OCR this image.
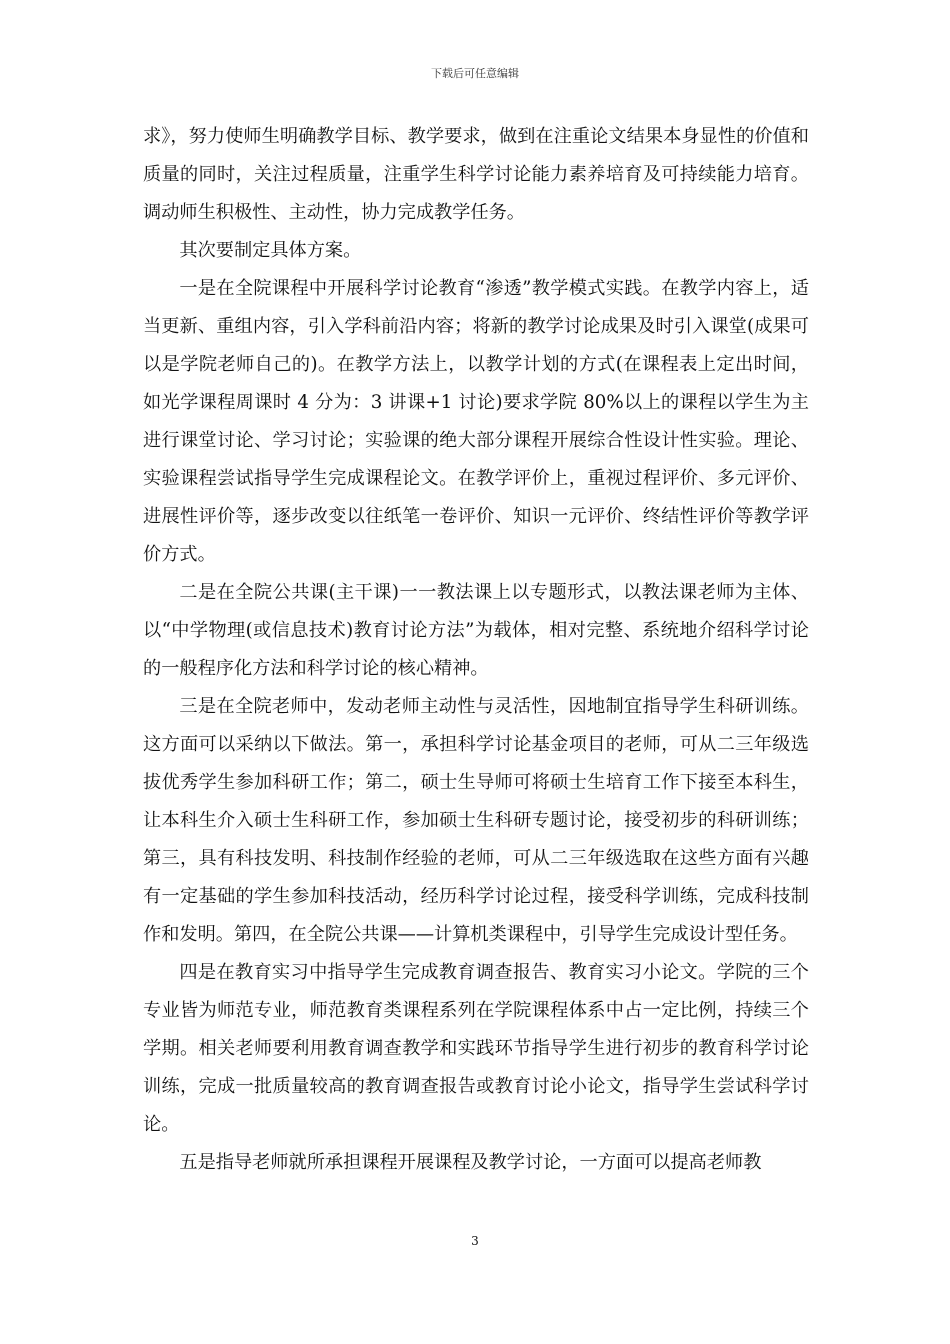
下载后可任意编辑

求》，努力使师生明确教学目标、教学要求，做到在注重论文结果本身显性的价值和质量的同时，关注过程质量，注重学生科学讨论能力素养培育及可持续能力培育。调动师生积极性、主动性，协力完成教学任务。

其次要制定具体方案。

一是在全院课程中开展科学讨论教育“渗透”教学模式实践。在教学内容上，适当更新、重组内容，引入学科前沿内容；将新的教学讨论成果及时引入课堂(成果可以是学院老师自己的)。在教学方法上，以教学计划的方式(在课程表上定出时间，如光学课程周课时 4 分为：3 讲课+1 讨论)要求学院 80%以上的课程以学生为主进行课堂讨论、学习讨论；实验课的绝大部分课程开展综合性设计性实验。理论、实验课程尝试指导学生完成课程论文。在教学评价上，重视过程评价、多元评价、进展性评价等，逐步改变以往纸笔一卷评价、知识一元评价、终结性评价等教学评价方式。

二是在全院公共课(主干课)一一教法课上以专题形式，以教法课老师为主体、以“中学物理(或信息技术)教育讨论方法”为载体，相对完整、系统地介绍科学讨论的一般程序化方法和科学讨论的核心精神。

三是在全院老师中，发动老师主动性与灵活性，因地制宜指导学生科研训练。这方面可以采纳以下做法。第一，承担科学讨论基金项目的老师，可从二三年级选拔优秀学生参加科研工作；第二，硕士生导师可将硕士生培育工作下接至本科生，让本科生介入硕士生科研工作，参加硕士生科研专题讨论，接受初步的科研训练；第三，具有科技发明、科技制作经验的老师，可从二三年级选取在这些方面有兴趣有一定基础的学生参加科技活动，经历科学讨论过程，接受科学训练，完成科技制作和发明。第四，在全院公共课——计算机类课程中，引导学生完成设计型任务。

四是在教育实习中指导学生完成教育调查报告、教育实习小论文。学院的三个专业皆为师范专业，师范教育类课程系列在学院课程体系中占一定比例，持续三个学期。相关老师要利用教育调查教学和实践环节指导学生进行初步的教育科学讨论训练，完成一批质量较高的教育调查报告或教育讨论小论文，指导学生尝试科学讨论。

五是指导老师就所承担课程开展课程及教学讨论，一方面可以提高老师教

3
